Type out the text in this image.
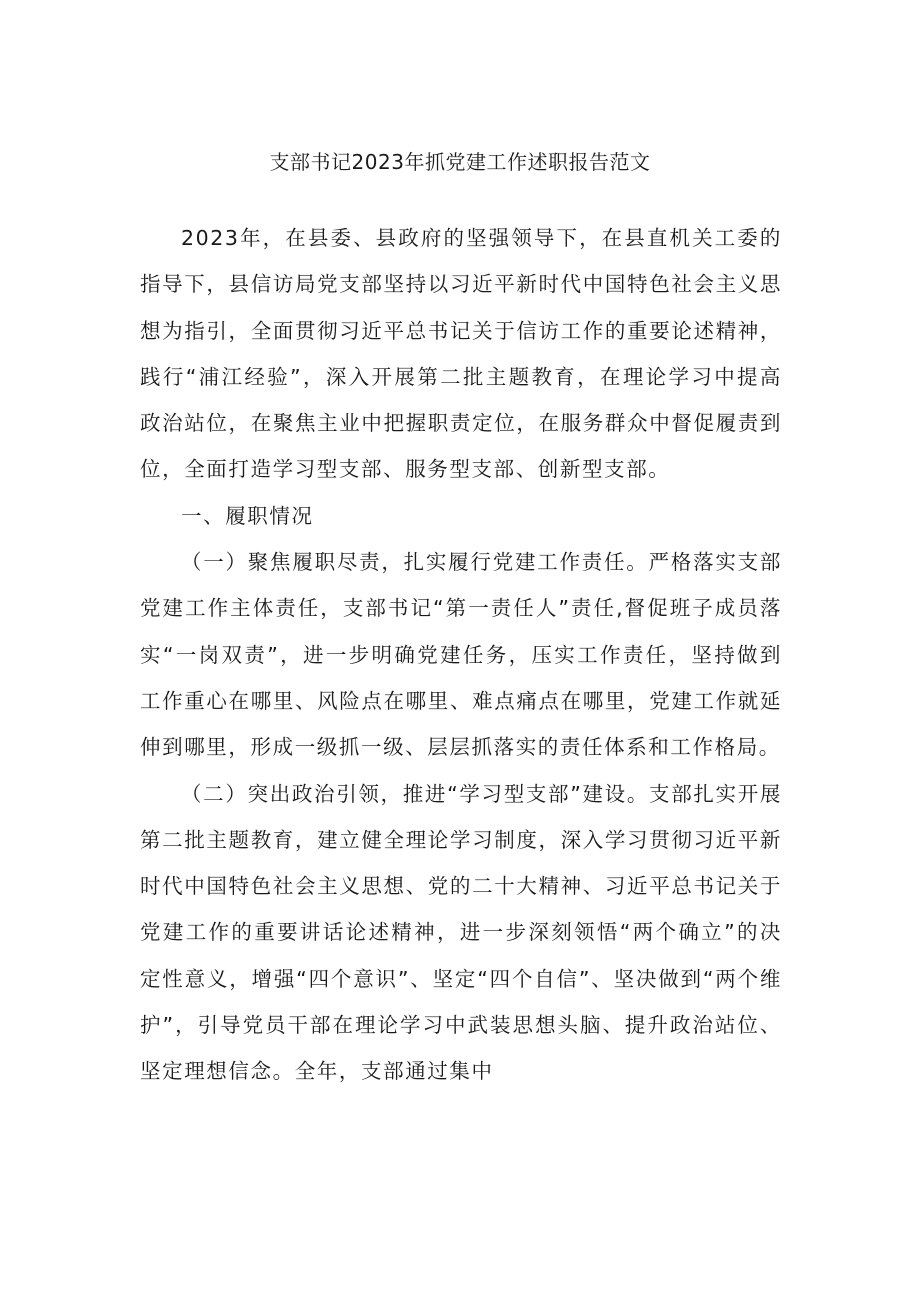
支部书记2023年抓党建工作述职报告范文

2023年，在县委、县政府的坚强领导下，在县直机关工委的指导下，县信访局党支部坚持以习近平新时代中国特色社会主义思想为指引，全面贯彻习近平总书记关于信访工作的重要论述精神，践行“浦江经验”，深入开展第二批主题教育，在理论学习中提高政治站位，在聚焦主业中把握职责定位，在服务群众中督促履责到位，全面打造学习型支部、服务型支部、创新型支部。

一、履职情况

（一）聚焦履职尽责，扎实履行党建工作责任。严格落实支部党建工作主体责任，支部书记“第一责任人”责任,督促班子成员落实“一岗双责”，进一步明确党建任务，压实工作责任，坚持做到工作重心在哪里、风险点在哪里、难点痛点在哪里，党建工作就延伸到哪里，形成一级抓一级、层层抓落实的责任体系和工作格局。

（二）突出政治引领，推进“学习型支部”建设。支部扎实开展第二批主题教育，建立健全理论学习制度，深入学习贯彻习近平新时代中国特色社会主义思想、党的二十大精神、习近平总书记关于党建工作的重要讲话论述精神，进一步深刻领悟“两个确立”的决定性意义，增强“四个意识”、坚定“四个自信”、坚决做到“两个维护”，引导党员干部在理论学习中武装思想头脑、提升政治站位、坚定理想信念。全年，支部通过集中
